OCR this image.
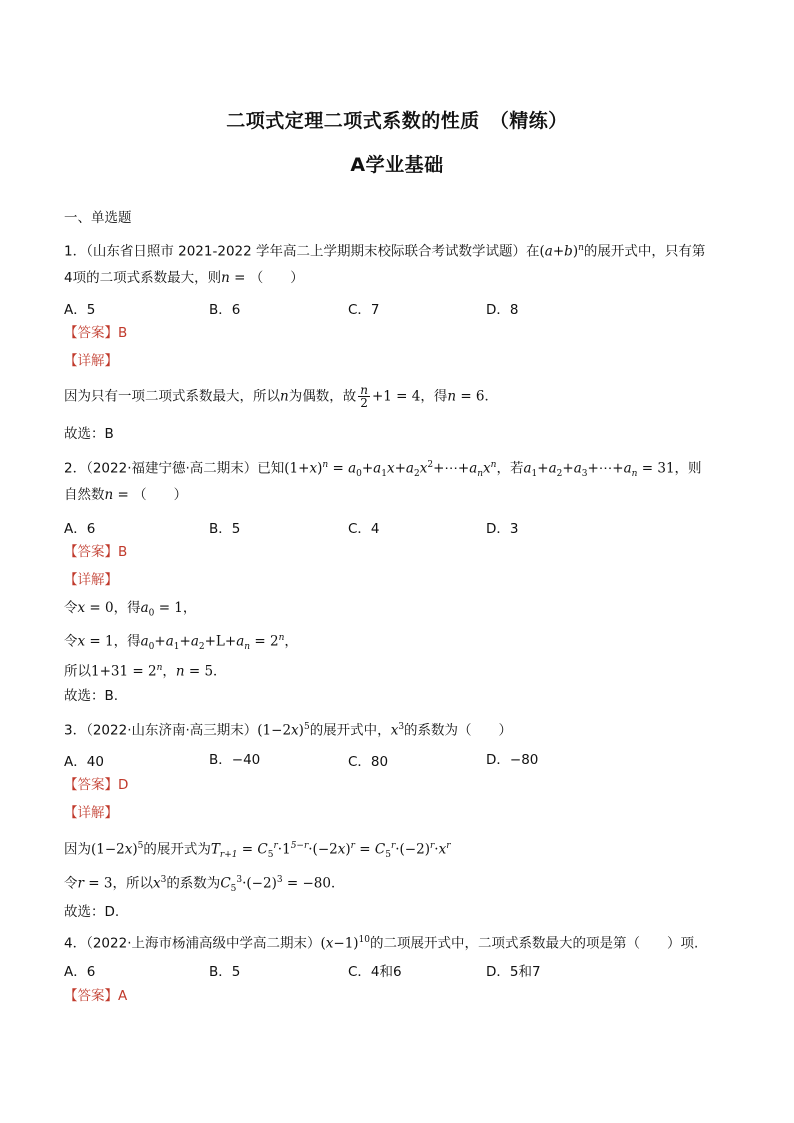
二项式定理二项式系数的性质　（精练）
A学业基础
一、单选题
1．（山东省日照市 2021-2022 学年高二上学期期末校际联合考试数学试题）在$(a+b)^n$的展开式中，只有第
4项的二项式系数最大，则n = （　　）
A．5	B．6	C．7	D．8
【答案】B
【详解】
因为只有一项二项式系数最大，所以n为偶数，故 $\frac{n}{2} +1 = 4$，得n = 6．
故选：B
2．（2022·福建宁德·高二期末）已知$(1+x)^n$ = $a_0+a_1x+a_2x^2+\cdots+a_nx^n$，若$a_1+a_2+a_3+\cdots+a_n = 31$，则
自然数n = （　　）
A．6	B．5	C．4	D．3
【答案】B
【详解】
令x = 0，得$a_0 = 1$，
令x = 1，得$a_0+a_1+a_2+L+a_n = 2^n$，
所以$1+31 = 2^n$，n = 5．
故选：B.
3．（2022·山东济南·高三期末）$(1-2x)^5$的展开式中，$x^3$的系数为（　　）
A．40	B．−40	C．80	D．−80
【答案】D
【详解】
因为$(1-2x)^5$的展开式为$T_{r+1} = C_5^r\cdot 1^{5-r}\cdot(-2x)^r = C_5^r\cdot(-2)^r\cdot x^r$
令r = 3，所以$x^3$的系数为$C_5^3\cdot(-2)^3 = -80$．
故选：D.
4．（2022·上海市杨浦高级中学高二期末）$(x-1)^{10}$的二项展开式中，二项式系数最大的项是第（　　）项.
A．6	B．5	C．4和6	D．5和7
【答案】A
